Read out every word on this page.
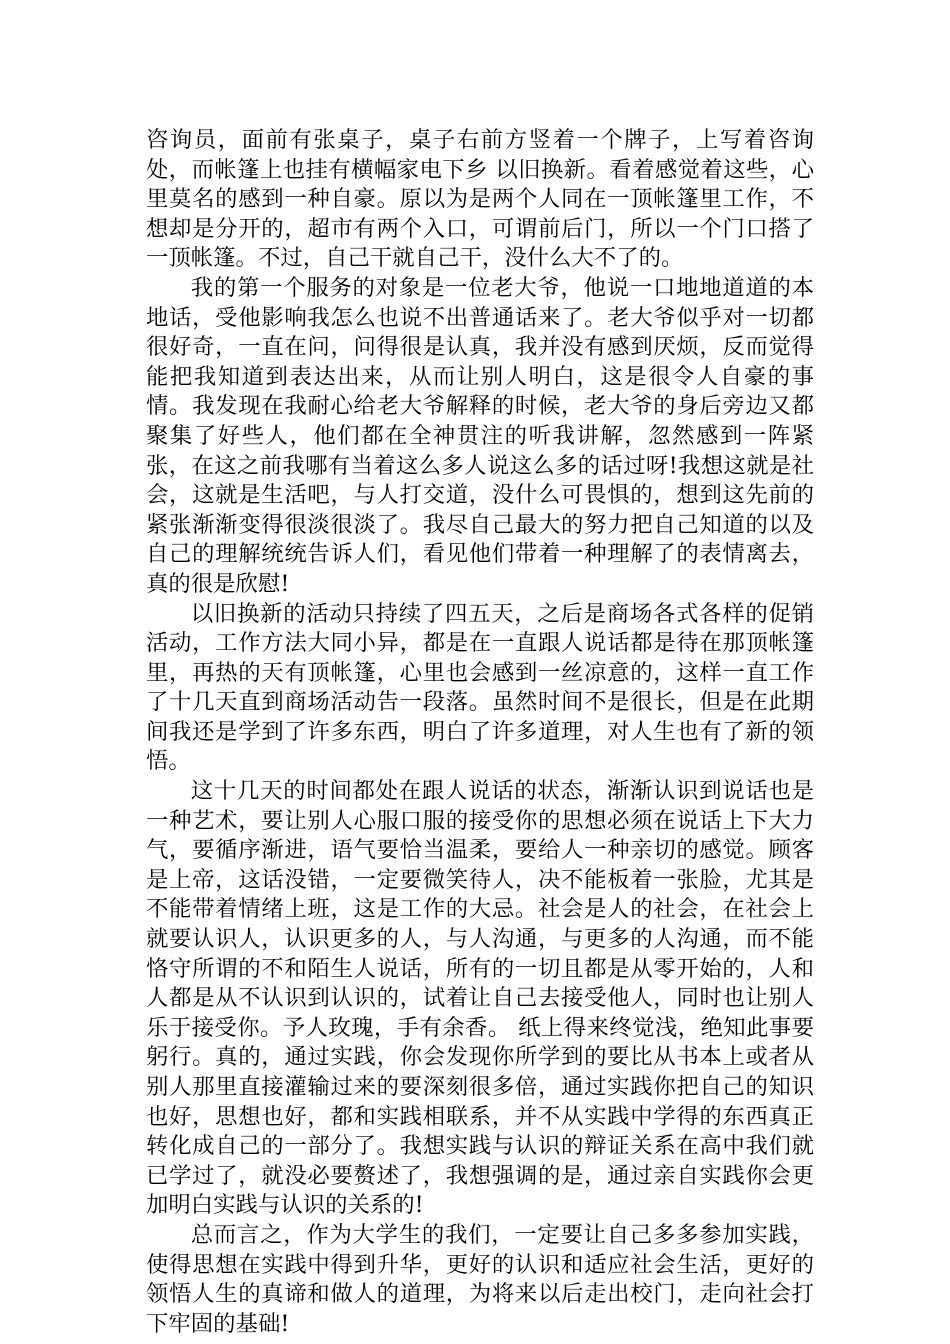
咨询员，面前有张桌子，桌子右前方竖着一个牌子，上写着咨询处，而帐篷上也挂有横幅家电下乡 以旧换新。看着感觉着这些，心里莫名的感到一种自豪。原以为是两个人同在一顶帐篷里工作，不想却是分开的，超市有两个入口，可谓前后门，所以一个门口搭了一顶帐篷。不过，自己干就自己干，没什么大不了的。

我的第一个服务的对象是一位老大爷，他说一口地地道道的本地话，受他影响我怎么也说不出普通话来了。老大爷似乎对一切都很好奇，一直在问，问得很是认真，我并没有感到厌烦，反而觉得能把我知道到表达出来，从而让别人明白，这是很令人自豪的事情。我发现在我耐心给老大爷解释的时候，老大爷的身后旁边又都聚集了好些人，他们都在全神贯注的听我讲解，忽然感到一阵紧张，在这之前我哪有当着这么多人说这么多的话过呀!我想这就是社会，这就是生活吧，与人打交道，没什么可畏惧的，想到这先前的紧张渐渐变得很淡很淡了。我尽自己最大的努力把自己知道的以及自己的理解统统告诉人们，看见他们带着一种理解了的表情离去，真的很是欣慰!

以旧换新的活动只持续了四五天，之后是商场各式各样的促销活动，工作方法大同小异，都是在一直跟人说话都是待在那顶帐篷里，再热的天有顶帐篷，心里也会感到一丝凉意的，这样一直工作了十几天直到商场活动告一段落。虽然时间不是很长，但是在此期间我还是学到了许多东西，明白了许多道理，对人生也有了新的领悟。

这十几天的时间都处在跟人说话的状态，渐渐认识到说话也是一种艺术，要让别人心服口服的接受你的思想必须在说话上下大力气，要循序渐进，语气要恰当温柔，要给人一种亲切的感觉。顾客是上帝，这话没错，一定要微笑待人，决不能板着一张脸，尤其是不能带着情绪上班，这是工作的大忌。社会是人的社会，在社会上就要认识人，认识更多的人，与人沟通，与更多的人沟通，而不能恪守所谓的不和陌生人说话，所有的一切且都是从零开始的，人和人都是从不认识到认识的，试着让自己去接受他人，同时也让别人乐于接受你。予人玫瑰，手有余香。 纸上得来终觉浅，绝知此事要躬行。真的，通过实践，你会发现你所学到的要比从书本上或者从别人那里直接灌输过来的要深刻很多倍，通过实践你把自己的知识也好，思想也好，都和实践相联系，并不从实践中学得的东西真正转化成自己的一部分了。我想实践与认识的辩证关系在高中我们就已学过了，就没必要赘述了，我想强调的是，通过亲自实践你会更加明白实践与认识的关系的!

总而言之，作为大学生的我们，一定要让自己多多参加实践，使得思想在实践中得到升华，更好的认识和适应社会生活，更好的领悟人生的真谛和做人的道理，为将来以后走出校门，走向社会打下牢固的基础!
